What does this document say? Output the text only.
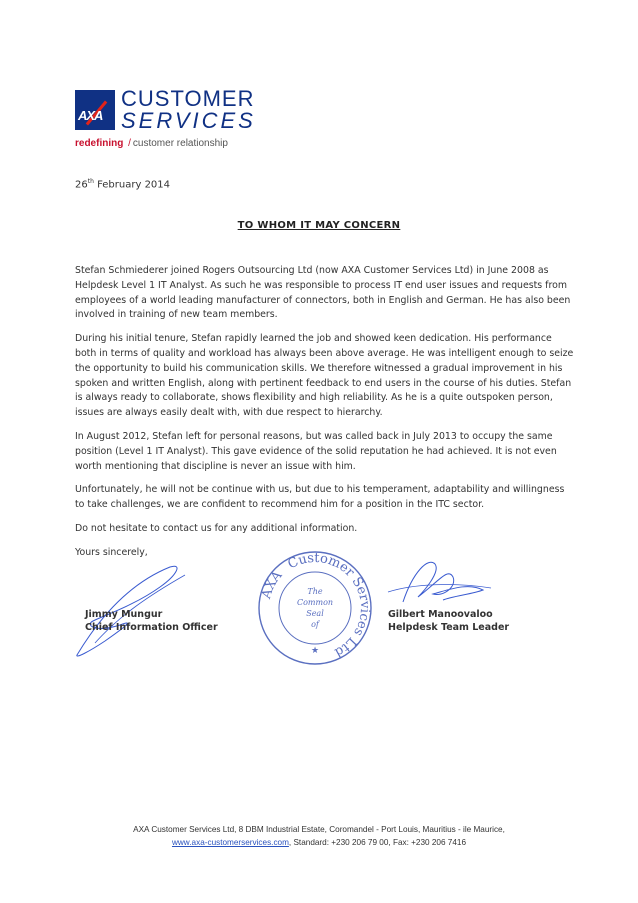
AXA
CUSTOMER
SERVICES
redefining / customer relationship
26th February 2014
TO WHOM IT MAY CONCERN

Stefan Schmiederer joined Rogers Outsourcing Ltd (now AXA Customer Services Ltd) in June 2008 as Helpdesk Level 1 IT Analyst. As such he was responsible to process IT end user issues and requests from employees of a world leading manufacturer of connectors, both in English and German. He has also been involved in training of new team members.

During his initial tenure, Stefan rapidly learned the job and showed keen dedication. His performance both in terms of quality and workload has always been above average. He was intelligent enough to seize the opportunity to build his communication skills. We therefore witnessed a gradual improvement in his spoken and written English, along with pertinent feedback to end users in the course of his duties. Stefan is always ready to collaborate, shows flexibility and high reliability. As he is a quite outspoken person, issues are always easily dealt with, with due respect to hierarchy.

In August 2012, Stefan left for personal reasons, but was called back in July 2013 to occupy the same position (Level 1 IT Analyst). This gave evidence of the solid reputation he had achieved. It is not even worth mentioning that discipline is never an issue with him.

Unfortunately, he will not be continue with us, but due to his temperament, adaptability and willingness to take challenges, we are confident to recommend him for a position in the ITC sector.

Do not hesitate to contact us for any additional information.

Yours sincerely,

Jimmy Mungur
Chief Information Officer
AXA Customer Services Ltd
The
Common
Seal
of
★
Gilbert Manoovaloo
Helpdesk Team Leader
AXA Customer Services Ltd, 8 DBM Industrial Estate, Coromandel - Port Louis, Mauritius - ile Maurice,
www.axa-customerservices.com, Standard: +230 206 79 00, Fax: +230 206 7416
